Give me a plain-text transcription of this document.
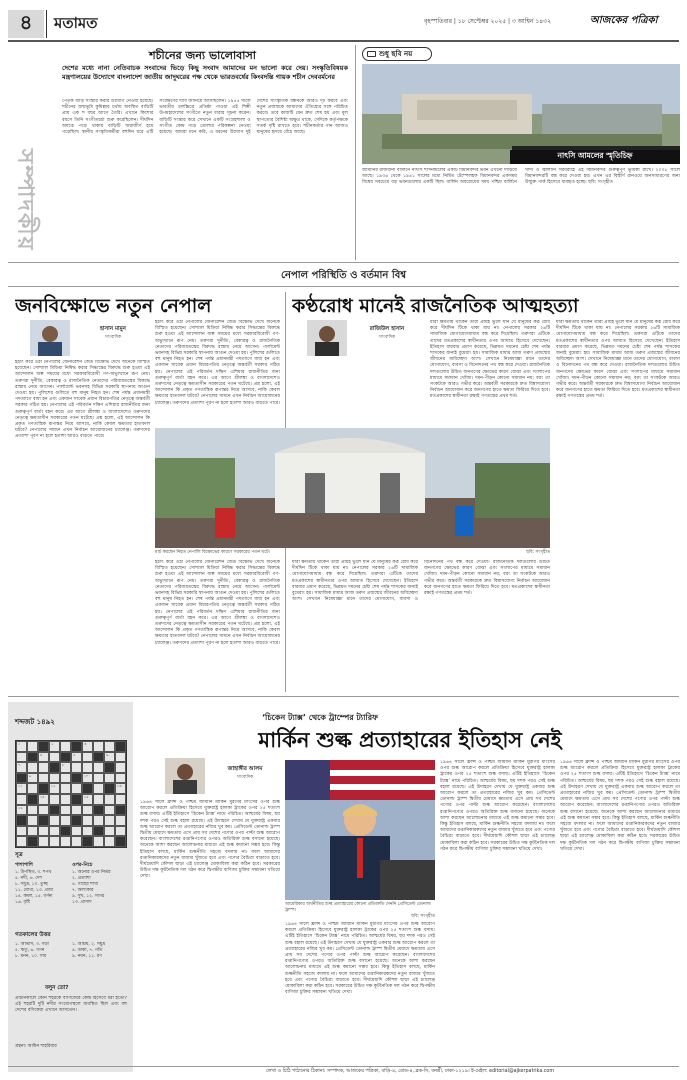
৪	মতামত	বৃহস্পতিবার | ১৮ সেপ্টেম্বর ২০২৫ | ৩ আশ্বিন ১৪৩২	আজকের পত্রিকা
সম্পাদকীয়
শচীনের জন্য ভালোবাসা
দেশের মধ্যে নানা নেতিবাচক সংবাদের ভিড়ে কিছু সংবাদ আমাদের মন ভালো করে দেয়। সংস্কৃতিবিষয়ক মন্ত্রণালয়ের উদ্যোগে বাংলাদেশ জাতীয় জাদুঘরের পক্ষ থেকে ভারতবর্ষের কিংবদন্তি গায়ক শচীন দেববর্মনের
পৈতৃক বাড়ি সংস্কার করার উদ্যোগ নেওয়া হয়েছে। শচীনের জন্মভূমি কুমিল্লার চর্থায় অবস্থিত বাড়িটি প্রায় এক শ বছর আগে তৈরি। এখানে কিশোর বয়সে তিনি সংগীতচর্চা শুরু করেছিলেন। দীর্ঘদিন অযত্নে পড়ে থাকায় বাড়িটি জরাজীর্ণ হয়ে পড়েছিল। স্থানীয় সংস্কৃতিকর্মীরা বহুদিন ধরে এটি সংরক্ষণের দাবি জানিয়ে আসছিলেন। ১৯৫৫ সালে ভারতীয় চলচ্চিত্রে প্রতিষ্ঠা পাওয়া এই শিল্পী উপমহাদেশের সংগীতে নতুন ধারার সূচনা করেন। বাড়িটি সংস্কার করে সেখানে একটি সংগ্রহশালা ও সংগীত কেন্দ্র গড়ে তোলার পরিকল্পনা নেওয়া হয়েছে। আমরা মনে করি, এ ধরনের উদ্যোগ দুই দেশের সাংস্কৃতিক বন্ধনকে আরও দৃঢ় করবে এবং নতুন প্রজন্মকে আমাদের ঐতিহ্যের সঙ্গে পরিচিত করবে। তবে কাজটি যেন দ্রুত শেষ হয় এবং মূল স্থাপত্যের বৈশিষ্ট্য অক্ষুণ্ণ থাকে, সেদিকে কর্তৃপক্ষকে সতর্ক দৃষ্টি রাখতে হবে। শচীনকর্তার গান আজও মানুষের হৃদয়ে বেঁচে আছে।
শুধু ছবি নয়
নাৎসি আমলের স্মৃতিচিহ্ন
জার্মানির রাজধানী বার্লিনে নাৎসি শাসনামলের একটি বিমানবন্দর ভবন এখনো দাঁড়িয়ে আছে। ১৯৩৬ থেকে ১৯৪১ সালের মধ্যে নির্মিত টেম্পেলহফ বিমানবন্দর একসময় বিশ্বের সবচেয়ে বড় ভবনগুলোর একটি ছিল। বার্লিন অবরোধের সময় পশ্চিম বার্লিনে খাদ্য ও জ্বালানি সরবরাহে এই বিমানবন্দর গুরুত্বপূর্ণ ভূমিকা রাখে। ২০০৮ সালে বিমানবন্দরটি বন্ধ করে দেওয়া হয়। এখন এর বিস্তীর্ণ রানওয়ে জনসাধারণের জন্য উন্মুক্ত পার্ক হিসেবে ব্যবহৃত হচ্ছে। ছবি: সংগৃহীত
নেপাল পরিস্থিতি ও বর্তমান বিশ্ব
জনবিক্ষোভে নতুন নেপাল
হাসান মামুন
সাংবাদিক
হঠাৎ করে ওঠা নেপালের জেনারেশন জেড বিক্ষোভ দেখে অনেকে বিস্মিত হয়েছেন। সোশ্যাল মিডিয়া নিষিদ্ধ করার সিদ্ধান্তের বিরুদ্ধে শুরু হওয়া এই আন্দোলন অল্প সময়ের মধ্যে সরকারবিরোধী গণ-অভ্যুত্থানে রূপ নেয়। তরুণরা দুর্নীতি, বেকারত্ব ও রাজনৈতিক নেতাদের পরিবারতন্ত্রের বিরুদ্ধে রাস্তায় নেমে আসেন। পার্লামেন্ট ভবনসহ বিভিন্ন সরকারি স্থাপনায় আগুন দেওয়া হয়। পুলিশের গুলিতে বহু মানুষ নিহত হন। শেষ পর্যন্ত প্রধানমন্ত্রী পদত্যাগে বাধ্য হন এবং একজন সাবেক প্রধান বিচারপতির নেতৃত্বে অন্তর্বর্তী সরকার গঠিত হয়। নেপালের এই পরিবর্তন দক্ষিণ এশিয়ার রাজনীতির জন্য গুরুত্বপূর্ণ বার্তা বহন করে। এর আগে শ্রীলঙ্কা ও বাংলাদেশেও তরুণদের নেতৃত্বে ক্ষমতাসীন সরকারের পতন ঘটেছে। প্রশ্ন হলো, এই আন্দোলন কি প্রকৃত গণতান্ত্রিক রূপান্তর নিয়ে আসবে, নাকি কেবল ক্ষমতার হাতবদল ঘটবে? নেপালের সামনে এখন নির্বাচন আয়োজনের চ্যালেঞ্জ। তরুণদের প্রত্যাশা পূরণ না হলে হতাশা আরও বাড়তে পারে।
হঠাৎ করে ওঠা নেপালের জেনারেশন জেড বিক্ষোভ দেখে অনেকে বিস্মিত হয়েছেন। সোশ্যাল মিডিয়া নিষিদ্ধ করার সিদ্ধান্তের বিরুদ্ধে শুরু হওয়া এই আন্দোলন অল্প সময়ের মধ্যে সরকারবিরোধী গণ-অভ্যুত্থানে রূপ নেয়। তরুণরা দুর্নীতি, বেকারত্ব ও রাজনৈতিক নেতাদের পরিবারতন্ত্রের বিরুদ্ধে রাস্তায় নেমে আসেন। পার্লামেন্ট ভবনসহ বিভিন্ন সরকারি স্থাপনায় আগুন দেওয়া হয়। পুলিশের গুলিতে বহু মানুষ নিহত হন। শেষ পর্যন্ত প্রধানমন্ত্রী পদত্যাগে বাধ্য হন এবং একজন সাবেক প্রধান বিচারপতির নেতৃত্বে অন্তর্বর্তী সরকার গঠিত হয়। নেপালের এই পরিবর্তন দক্ষিণ এশিয়ার রাজনীতির জন্য গুরুত্বপূর্ণ বার্তা বহন করে। এর আগে শ্রীলঙ্কা ও বাংলাদেশেও তরুণদের নেতৃত্বে ক্ষমতাসীন সরকারের পতন ঘটেছে। প্রশ্ন হলো, এই আন্দোলন কি প্রকৃত গণতান্ত্রিক রূপান্তর নিয়ে আসবে, নাকি কেবল ক্ষমতার হাতবদল ঘটবে? নেপালের সামনে এখন নির্বাচন আয়োজনের চ্যালেঞ্জ। তরুণদের প্রত্যাশা পূরণ না হলে হতাশা আরও বাড়তে পারে।
কণ্ঠরোধ মানেই রাজনৈতিক আত্মহত্যা
রাজিউল হাসান
সাংবাদিক
যারা ক্ষমতায় থাকেন তারা প্রায়ই ভুলে যান যে মানুষের কণ্ঠ রোধ করে দীর্ঘদিন টিকে থাকা যায় না। নেপালের সরকার ২৬টি সামাজিক যোগাযোগমাধ্যম বন্ধ করে দিয়েছিল। তরুণরা এটিকে তাদের মতপ্রকাশের স্বাধীনতার ওপর আঘাত হিসেবে দেখেছেন। ইতিহাস বারবার প্রমাণ করেছে, ভিন্নমত দমনের চেষ্টা শেষ পর্যন্ত শাসকের জন্যই বুমেরাং হয়। সামাজিক মাধ্যম আজ তরুণ প্রজন্মের জীবনের অবিচ্ছেদ্য অংশ। সেখানে নিষেধাজ্ঞা মানে তাদের যোগাযোগ, ব্যবসা ও বিনোদনের পথ বন্ধ করে দেওয়া। রাজনৈতিক দলগুলোর উচিত জনগণের ক্ষোভের কারণ বোঝা এবং সংলাপের মাধ্যমে সমাধান খোঁজা। দমন-পীড়ন কোনো সমাধান নয়; বরং তা সংকটকে আরও গভীর করে। অন্তর্বর্তী সরকারকে দ্রুত বিশ্বাসযোগ্য নির্বাচন আয়োজন করে জনগণের হাতে ক্ষমতা ফিরিয়ে দিতে হবে। মতপ্রকাশের স্বাধীনতা রক্ষাই গণতন্ত্রের প্রথম শর্ত।
যারা ক্ষমতায় থাকেন তারা প্রায়ই ভুলে যান যে মানুষের কণ্ঠ রোধ করে দীর্ঘদিন টিকে থাকা যায় না। নেপালের সরকার ২৬টি সামাজিক যোগাযোগমাধ্যম বন্ধ করে দিয়েছিল। তরুণরা এটিকে তাদের মতপ্রকাশের স্বাধীনতার ওপর আঘাত হিসেবে দেখেছেন। ইতিহাস বারবার প্রমাণ করেছে, ভিন্নমত দমনের চেষ্টা শেষ পর্যন্ত শাসকের জন্যই বুমেরাং হয়। সামাজিক মাধ্যম আজ তরুণ প্রজন্মের জীবনের অবিচ্ছেদ্য অংশ। সেখানে নিষেধাজ্ঞা মানে তাদের যোগাযোগ, ব্যবসা ও বিনোদনের পথ বন্ধ করে দেওয়া। রাজনৈতিক দলগুলোর উচিত জনগণের ক্ষোভের কারণ বোঝা এবং সংলাপের মাধ্যমে সমাধান খোঁজা। দমন-পীড়ন কোনো সমাধান নয়; বরং তা সংকটকে আরও গভীর করে। অন্তর্বর্তী সরকারকে দ্রুত বিশ্বাসযোগ্য নির্বাচন আয়োজন করে জনগণের হাতে ক্ষমতা ফিরিয়ে দিতে হবে। মতপ্রকাশের স্বাধীনতা রক্ষাই গণতন্ত্রের প্রথম শর্ত।
মার্চ করছেন নিহত নেপালি বিক্ষোভের কারণে সরকারের পতন ঘটে।	ছবি: সংগৃহীত
হঠাৎ করে ওঠা নেপালের জেনারেশন জেড বিক্ষোভ দেখে অনেকে বিস্মিত হয়েছেন। সোশ্যাল মিডিয়া নিষিদ্ধ করার সিদ্ধান্তের বিরুদ্ধে শুরু হওয়া এই আন্দোলন অল্প সময়ের মধ্যে সরকারবিরোধী গণ-অভ্যুত্থানে রূপ নেয়। তরুণরা দুর্নীতি, বেকারত্ব ও রাজনৈতিক নেতাদের পরিবারতন্ত্রের বিরুদ্ধে রাস্তায় নেমে আসেন। পার্লামেন্ট ভবনসহ বিভিন্ন সরকারি স্থাপনায় আগুন দেওয়া হয়। পুলিশের গুলিতে বহু মানুষ নিহত হন। শেষ পর্যন্ত প্রধানমন্ত্রী পদত্যাগে বাধ্য হন এবং একজন সাবেক প্রধান বিচারপতির নেতৃত্বে অন্তর্বর্তী সরকার গঠিত হয়। নেপালের এই পরিবর্তন দক্ষিণ এশিয়ার রাজনীতির জন্য গুরুত্বপূর্ণ বার্তা বহন করে। এর আগে শ্রীলঙ্কা ও বাংলাদেশেও তরুণদের নেতৃত্বে ক্ষমতাসীন সরকারের পতন ঘটেছে। প্রশ্ন হলো, এই আন্দোলন কি প্রকৃত গণতান্ত্রিক রূপান্তর নিয়ে আসবে, নাকি কেবল ক্ষমতার হাতবদল ঘটবে? নেপালের সামনে এখন নির্বাচন আয়োজনের চ্যালেঞ্জ। তরুণদের প্রত্যাশা পূরণ না হলে হতাশা আরও বাড়তে পারে।
যারা ক্ষমতায় থাকেন তারা প্রায়ই ভুলে যান যে মানুষের কণ্ঠ রোধ করে দীর্ঘদিন টিকে থাকা যায় না। নেপালের সরকার ২৬টি সামাজিক যোগাযোগমাধ্যম বন্ধ করে দিয়েছিল। তরুণরা এটিকে তাদের মতপ্রকাশের স্বাধীনতার ওপর আঘাত হিসেবে দেখেছেন। ইতিহাস বারবার প্রমাণ করেছে, ভিন্নমত দমনের চেষ্টা শেষ পর্যন্ত শাসকের জন্যই বুমেরাং হয়। সামাজিক মাধ্যম আজ তরুণ প্রজন্মের জীবনের অবিচ্ছেদ্য অংশ। সেখানে নিষেধাজ্ঞা মানে তাদের যোগাযোগ, ব্যবসা ও বিনোদনের পথ বন্ধ করে দেওয়া। রাজনৈতিক দলগুলোর উচিত জনগণের ক্ষোভের কারণ বোঝা এবং সংলাপের মাধ্যমে সমাধান খোঁজা। দমন-পীড়ন কোনো সমাধান নয়; বরং তা সংকটকে আরও গভীর করে। অন্তর্বর্তী সরকারকে দ্রুত বিশ্বাসযোগ্য নির্বাচন আয়োজন করে জনগণের হাতে ক্ষমতা ফিরিয়ে দিতে হবে। মতপ্রকাশের স্বাধীনতা রক্ষাই গণতন্ত্রের প্রথম শর্ত।
শব্দজট ১৪৯২
১	২	৩
৪	৫	৬
৭	৮
৯	১০
১১	১২	১৩
১৪	১৫
১৬
সূত্র
পাশাপাশি	ওপর-নিচে
১. উপস্থিত, ৩. শপথ
৫. নদী, ৬. দেশ
৮. সমুদ্র, ১০. তুচ্ছ
১১. যোগ্য, ১৩. প্রজা
১৪. কমল, ১৫. বর্ণনা
১৬. বৃষ্টি
১. অন্যের ওপর নির্ভর
২. প্রত্যাশা
৪. গাছের শাখা
৭. অলংকার
৯. সুখ, ১২. সাগর
১৩. প্রাসাদ
গতকালের উত্তর
১. আভাস, ৩. গড়া
৫. ঋতু, ৬. গগন
৮. মনন, ১০. সার
১. আশ্রম, ২. সমুদ্র
৪. ডাকা, ৭. গতি
৯. নয়ন, ১১. রণ
বলুন তো?
প্রাচীনকালে কোন শহরকে বাণিজ্যের কেন্দ্র হিসেবে ধরা হতো? এই শহরটি দুটি নদীর সংযোগস্থলে অবস্থিত ছিল এবং বহু দেশের বণিকেরা এখানে আসতেন।
গ্রন্থনা: আমিন শাহরিয়ার
‘চিকেন ট্যাক্স’ থেকে ট্রাম্পের ট্যারিফ
মার্কিন শুল্ক প্রত্যাহারের ইতিহাস নেই
জাহাঙ্গীর আলম
সাংবাদিক
১৯৬৪ সালে ফ্রান্স ও পশ্চিম জার্মানি মার্কিন মুরগির মাংসের ওপর শুল্ক আরোপ করলে প্রতিক্রিয়া হিসেবে যুক্তরাষ্ট্র হালকা ট্রাকের ওপর ২৫ শতাংশ শুল্ক বসায়। এটিই ইতিহাসে ‘চিকেন ট্যাক্স’ নামে পরিচিত। আশ্চর্যের বিষয়, ছয় দশক পরও সেই শুল্ক বহাল রয়েছে। এই উদাহরণ দেখায় যে যুক্তরাষ্ট্র একবার শুল্ক আরোপ করলে তা প্রত্যাহারের নজির খুব কম। প্রেসিডেন্ট ডোনাল্ড ট্রাম্প দ্বিতীয় মেয়াদে ক্ষমতায় এসে প্রায় সব দেশের পণ্যের ওপর পাল্টা শুল্ক আরোপ করেছেন। বাংলাদেশের রপ্তানিপণ্যের ওপরও অতিরিক্ত শুল্ক বসানো হয়েছে। অনেকে আশা করছেন আলোচনার মাধ্যমে এই শুল্ক কমানো সম্ভব হবে। কিন্তু ইতিহাস বলছে, মার্কিন শুল্কনীতি সহজে বদলায় না। ফলে আমাদের রপ্তানিকারকদের নতুন বাজার খুঁজতে হবে এবং পণ্যের বৈচিত্র্য বাড়াতে হবে। দীর্ঘমেয়াদি কৌশল ছাড়া এই চ্যালেঞ্জ মোকাবিলা করা কঠিন হবে। সরকারের উচিত দক্ষ কূটনৈতিক দল গঠন করে দ্বিপক্ষীয় বাণিজ্য চুক্তির সম্ভাবনা খতিয়ে দেখা।
আমেরিকার অর্থনীতির শুল্ক প্রত্যাহারের কোনো প্রতিশ্রুতি দেননি প্রেসিডেন্ট ডোনাল্ড ট্রাম্প।
ছবি: সংগৃহীত
১৯৬৪ সালে ফ্রান্স ও পশ্চিম জার্মানি মার্কিন মুরগির মাংসের ওপর শুল্ক আরোপ করলে প্রতিক্রিয়া হিসেবে যুক্তরাষ্ট্র হালকা ট্রাকের ওপর ২৫ শতাংশ শুল্ক বসায়। এটিই ইতিহাসে ‘চিকেন ট্যাক্স’ নামে পরিচিত। আশ্চর্যের বিষয়, ছয় দশক পরও সেই শুল্ক বহাল রয়েছে। এই উদাহরণ দেখায় যে যুক্তরাষ্ট্র একবার শুল্ক আরোপ করলে তা প্রত্যাহারের নজির খুব কম। প্রেসিডেন্ট ডোনাল্ড ট্রাম্প দ্বিতীয় মেয়াদে ক্ষমতায় এসে প্রায় সব দেশের পণ্যের ওপর পাল্টা শুল্ক আরোপ করেছেন। বাংলাদেশের রপ্তানিপণ্যের ওপরও অতিরিক্ত শুল্ক বসানো হয়েছে। অনেকে আশা করছেন আলোচনার মাধ্যমে এই শুল্ক কমানো সম্ভব হবে। কিন্তু ইতিহাস বলছে, মার্কিন শুল্কনীতি সহজে বদলায় না। ফলে আমাদের রপ্তানিকারকদের নতুন বাজার খুঁজতে হবে এবং পণ্যের বৈচিত্র্য বাড়াতে হবে। দীর্ঘমেয়াদি কৌশল ছাড়া এই চ্যালেঞ্জ মোকাবিলা করা কঠিন হবে। সরকারের উচিত দক্ষ কূটনৈতিক দল গঠন করে দ্বিপক্ষীয় বাণিজ্য চুক্তির সম্ভাবনা খতিয়ে দেখা।
১৯৬৪ সালে ফ্রান্স ও পশ্চিম জার্মানি মার্কিন মুরগির মাংসের ওপর শুল্ক আরোপ করলে প্রতিক্রিয়া হিসেবে যুক্তরাষ্ট্র হালকা ট্রাকের ওপর ২৫ শতাংশ শুল্ক বসায়। এটিই ইতিহাসে ‘চিকেন ট্যাক্স’ নামে পরিচিত। আশ্চর্যের বিষয়, ছয় দশক পরও সেই শুল্ক বহাল রয়েছে। এই উদাহরণ দেখায় যে যুক্তরাষ্ট্র একবার শুল্ক আরোপ করলে তা প্রত্যাহারের নজির খুব কম। প্রেসিডেন্ট ডোনাল্ড ট্রাম্প দ্বিতীয় মেয়াদে ক্ষমতায় এসে প্রায় সব দেশের পণ্যের ওপর পাল্টা শুল্ক আরোপ করেছেন। বাংলাদেশের রপ্তানিপণ্যের ওপরও অতিরিক্ত শুল্ক বসানো হয়েছে। অনেকে আশা করছেন আলোচনার মাধ্যমে এই শুল্ক কমানো সম্ভব হবে। কিন্তু ইতিহাস বলছে, মার্কিন শুল্কনীতি সহজে বদলায় না। ফলে আমাদের রপ্তানিকারকদের নতুন বাজার খুঁজতে হবে এবং পণ্যের বৈচিত্র্য বাড়াতে হবে। দীর্ঘমেয়াদি কৌশল ছাড়া এই চ্যালেঞ্জ মোকাবিলা করা কঠিন হবে। সরকারের উচিত দক্ষ কূটনৈতিক দল গঠন করে দ্বিপক্ষীয় বাণিজ্য চুক্তির সম্ভাবনা খতিয়ে দেখা।
১৯৬৪ সালে ফ্রান্স ও পশ্চিম জার্মানি মার্কিন মুরগির মাংসের ওপর শুল্ক আরোপ করলে প্রতিক্রিয়া হিসেবে যুক্তরাষ্ট্র হালকা ট্রাকের ওপর ২৫ শতাংশ শুল্ক বসায়। এটিই ইতিহাসে ‘চিকেন ট্যাক্স’ নামে পরিচিত। আশ্চর্যের বিষয়, ছয় দশক পরও সেই শুল্ক বহাল রয়েছে। এই উদাহরণ দেখায় যে যুক্তরাষ্ট্র একবার শুল্ক আরোপ করলে তা প্রত্যাহারের নজির খুব কম। প্রেসিডেন্ট ডোনাল্ড ট্রাম্প দ্বিতীয় মেয়াদে ক্ষমতায় এসে প্রায় সব দেশের পণ্যের ওপর পাল্টা শুল্ক আরোপ করেছেন। বাংলাদেশের রপ্তানিপণ্যের ওপরও অতিরিক্ত শুল্ক বসানো হয়েছে। অনেকে আশা করছেন আলোচনার মাধ্যমে এই শুল্ক কমানো সম্ভব হবে। কিন্তু ইতিহাস বলছে, মার্কিন শুল্কনীতি সহজে বদলায় না। ফলে আমাদের রপ্তানিকারকদের নতুন বাজার খুঁজতে হবে এবং পণ্যের বৈচিত্র্য বাড়াতে হবে। দীর্ঘমেয়াদি কৌশল ছাড়া এই চ্যালেঞ্জ মোকাবিলা করা কঠিন হবে। সরকারের উচিত দক্ষ কূটনৈতিক দল গঠন করে দ্বিপক্ষীয় বাণিজ্য চুক্তির সম্ভাবনা খতিয়ে দেখা।
লেখা ও চিঠি পাঠানোর ঠিকানা: সম্পাদক, আজকের পত্রিকা, বাড়ি-৪, রোড-৪, ব্লক-সি, বনশ্রী, ঢাকা-১২১৯। ই-মেইল: editorial@ajkerpatrika.com
